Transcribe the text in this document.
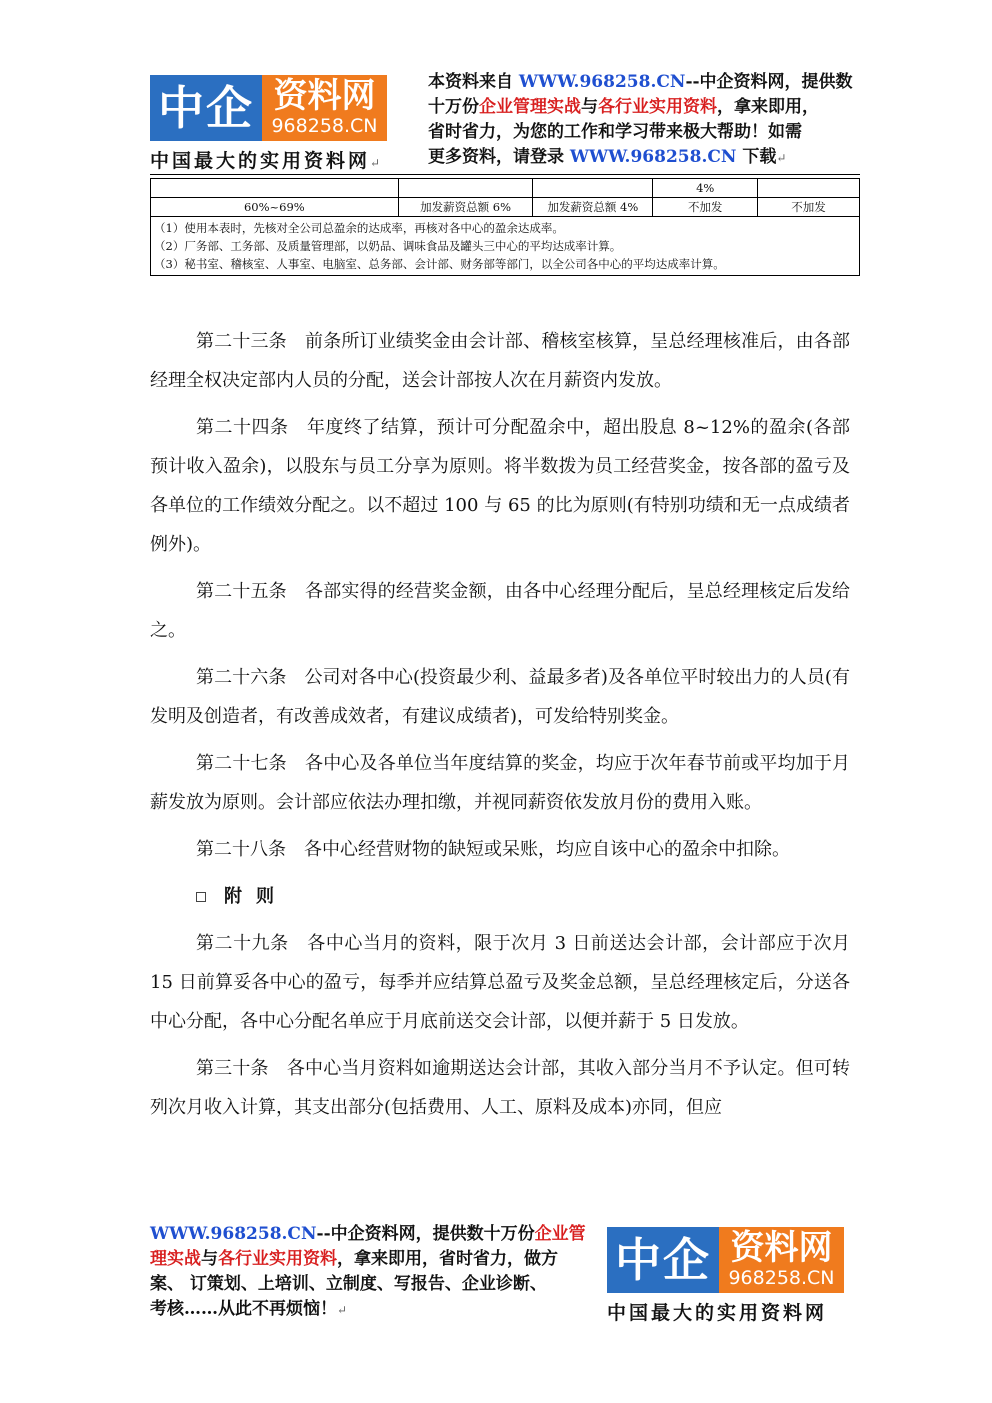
中企 资料网
968258.CN
中国最大的实用资料网↵
本资料来自 WWW.968258.CN--中企资料网，提供数
十万份企业管理实战与各行业实用资料，拿来即用，
省时省力，为您的工作和学习带来极大帮助！如需
更多资料，请登录 WWW.968258.CN 下载↵
			4%	
60%~69%	加发薪资总额 6%	加发薪资总额 4%	不加发	不加发

（1）使用本表时，先核对全公司总盈余的达成率，再核对各中心的盈余达成率。
（2）厂务部、工务部、及质量管理部，以奶品、调味食品及罐头三中心的平均达成率计算。
（3）秘书室、稽核室、人事室、电脑室、总务部、会计部、财务部等部门，以全公司各中心的平均达成率计算。				

第二十三条　前条所订业绩奖金由会计部、稽核室核算，呈总经理核准后，由各部经理全权决定部内人员的分配，送会计部按人次在月薪资内发放。

第二十四条　年度终了结算，预计可分配盈余中，超出股息 8~12%的盈余(各部预计收入盈余)，以股东与员工分享为原则。将半数拨为员工经营奖金，按各部的盈亏及各单位的工作绩效分配之。以不超过 100 与 65 的比为原则(有特别功绩和无一点成绩者例外)。

第二十五条　各部实得的经营奖金额，由各中心经理分配后，呈总经理核定后发给之。

第二十六条　公司对各中心(投资最少利、益最多者)及各单位平时较出力的人员(有发明及创造者，有改善成效者，有建议成绩者)，可发给特别奖金。

第二十七条　各中心及各单位当年度结算的奖金，均应于次年春节前或平均加于月薪发放为原则。会计部应依法办理扣缴，并视同薪资依发放月份的费用入账。

第二十八条　各中心经营财物的缺短或呆账，均应自该中心的盈余中扣除。

附则

第二十九条　各中心当月的资料，限于次月 3 日前送达会计部，会计部应于次月 15 日前算妥各中心的盈亏，每季并应结算总盈亏及奖金总额，呈总经理核定后，分送各中心分配，各中心分配名单应于月底前送交会计部，以便并薪于 5 日发放。

第三十条　各中心当月资料如逾期送达会计部，其收入部分当月不予认定。但可转列次月收入计算，其支出部分(包括费用、人工、原料及成本)亦同，但应

WWW.968258.CN--中企资料网，提供数十万份企业管
理实战与各行业实用资料，拿来即用，省时省力，做方
案、 订策划、上培训、立制度、写报告、企业诊断、
考核……从此不再烦恼！↵
中企 资料网
968258.CN
中国最大的实用资料网
